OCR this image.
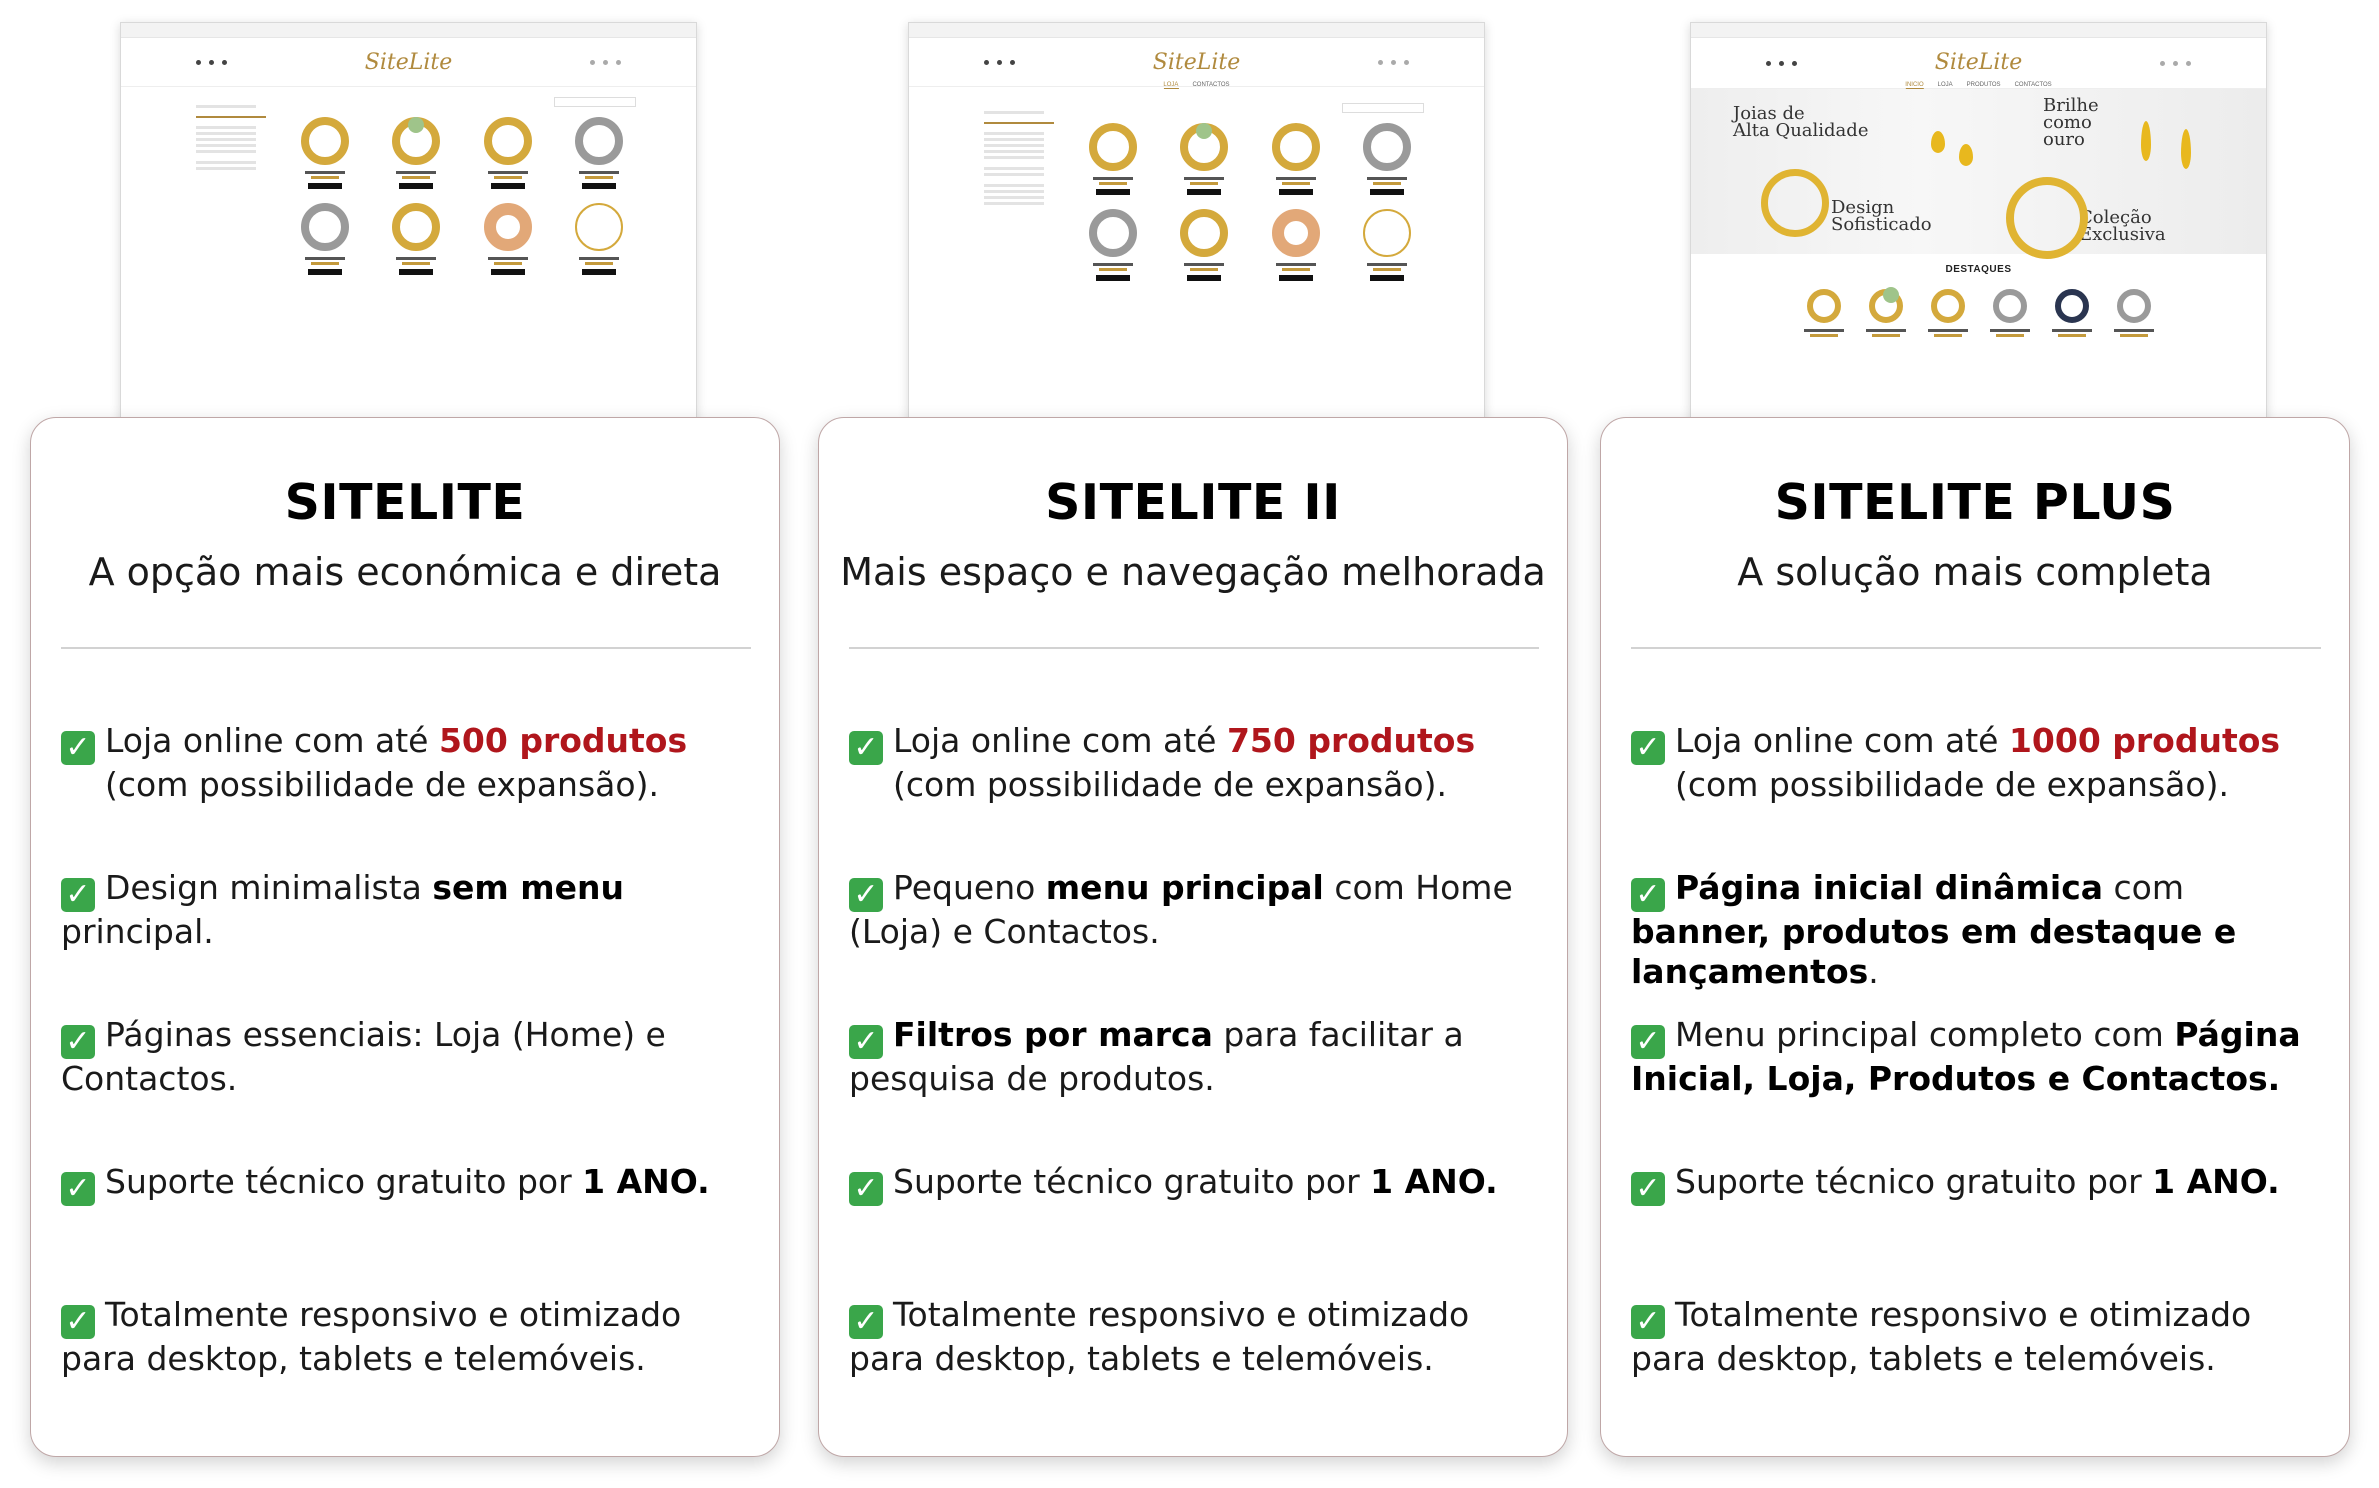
SiteLite
SITELITE
A opção mais económica e direta
✓ Loja online com até 500 produtos
(com possibilidade de expansão).
✓ Design minimalista sem menu
principal.
✓ Páginas essenciais: Loja (Home) e Contactos.
✓ Suporte técnico gratuito por 1 ANO.
✓ Totalmente responsivo e otimizado para desktop, tablets e telemóveis.
SiteLite
LOJA CONTACTOS
SITELITE II
Mais espaço e navegação melhorada
✓ Loja online com até 750 produtos
(com possibilidade de expansão).
✓ Pequeno menu principal com Home (Loja) e Contactos.
✓ Filtros por marca para facilitar a pesquisa de produtos.
✓ Suporte técnico gratuito por 1 ANO.
✓ Totalmente responsivo e otimizado para desktop, tablets e telemóveis.
SiteLite
INICIO LOJA PRODUTOS CONTACTOS
Joias de
Alta Qualidade
Brilhe
como
ouro
Design
Sofisticado	Coleção
Exclusiva
DESTAQUES
SITELITE PLUS
A solução mais completa
✓ Loja online com até 1000 produtos
(com possibilidade de expansão).
✓ Página inicial dinâmica com banner, produtos em destaque e lançamentos.
✓ Menu principal completo com Página Inicial, Loja, Produtos e Contactos.
✓ Suporte técnico gratuito por 1 ANO.
✓ Totalmente responsivo e otimizado para desktop, tablets e telemóveis.
